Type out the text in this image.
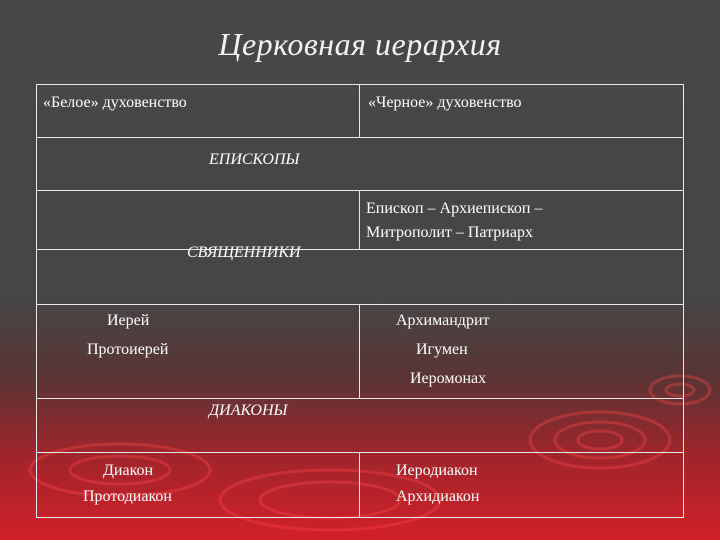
Церковная иерархия
«Белое» духовенство	«Черное» духовенство
ЕПИСКОПЫ
Епископ – Архиепископ –
Митрополит – Патриарх
СВЯЩЕННИКИ
Иерей
Протоиерей
Архимандрит
Игумен
Иеромонах
ДИАКОНЫ
Диакон
Протодиакон
Иеродиакон
Архидиакон
